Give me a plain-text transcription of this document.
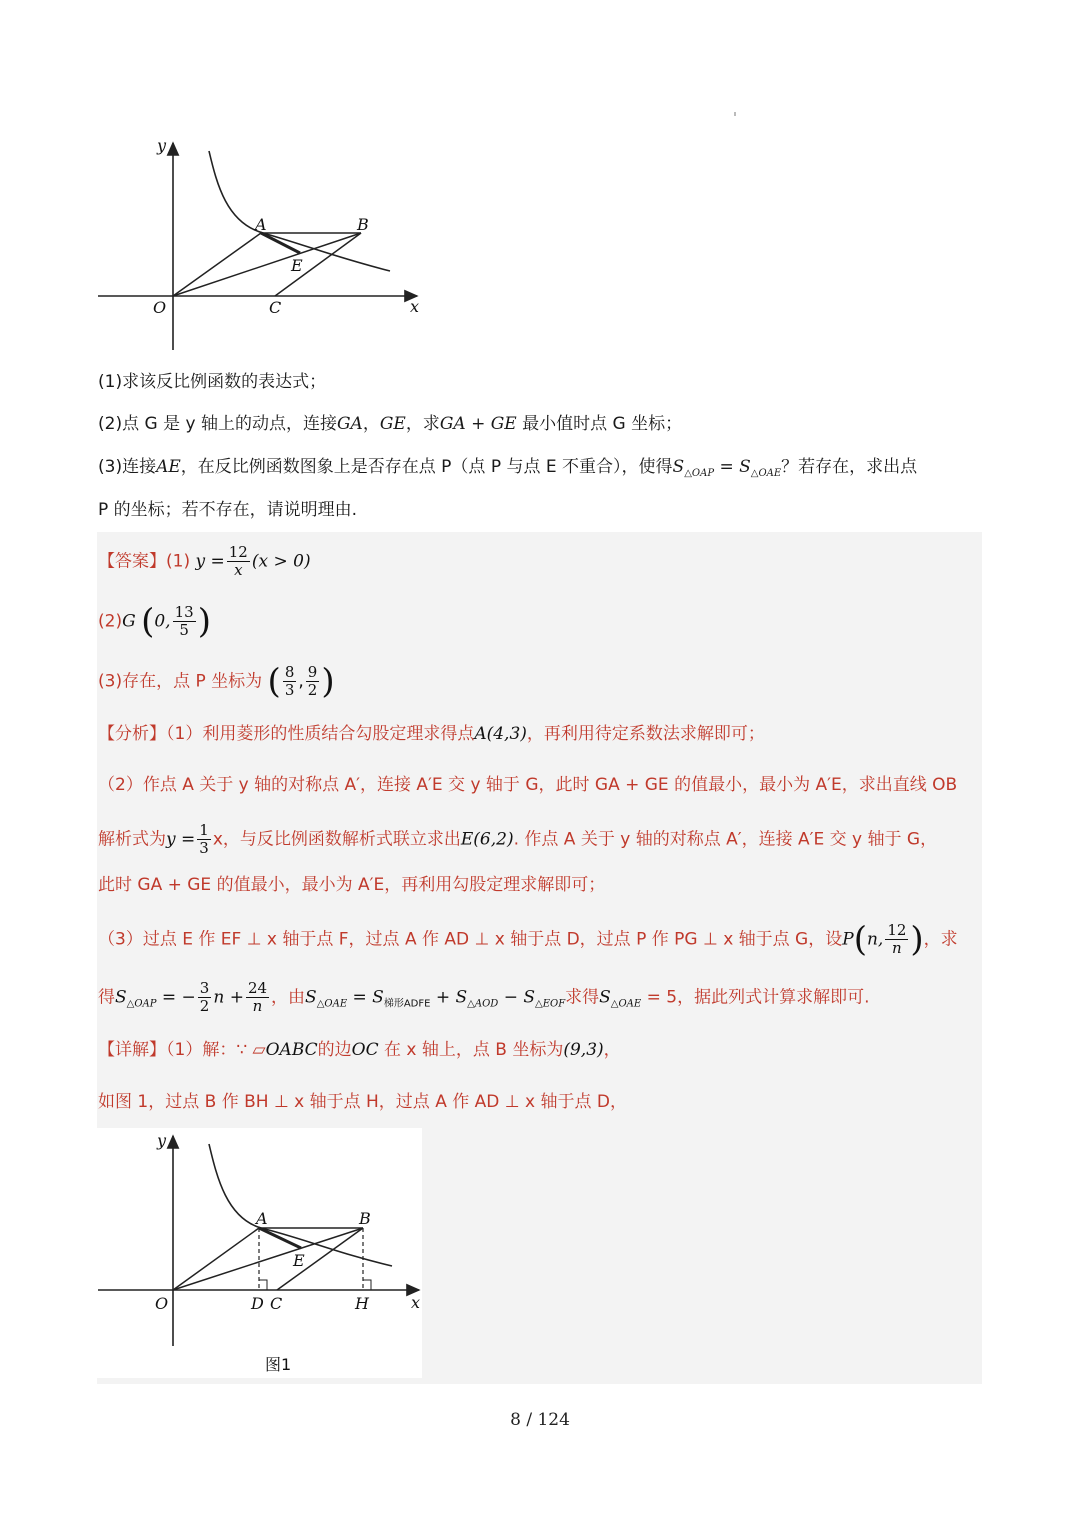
y
x
O
A	B
C
E
(1)求该反比例函数的表达式；
(2)点 G 是 y 轴上的动点，连接GA，GE，求GA + GE 最小值时点 G 坐标；
(3)连接AE，在反比例函数图象上是否存在点 P（点 P 与点 E 不重合），使得$S_{\triangle OAP} = S_{\triangle OAE}$？若存在，求出点
P 的坐标；若不存在，请说明理由.
【答案】(1) $y = \frac{12}{x} (x > 0)$
(2)G (0, $\frac{13}{5}$ )
(3)存在，点 P 坐标为 ( $\frac{8}{3}$ , $\frac{9}{2}$ )
【分析】（1）利用菱形的性质结合勾股定理求得点A(4,3)，再利用待定系数法求解即可；
（2）作点 A 关于 y 轴的对称点 A′，连接 A′E 交 y 轴于 G，此时 GA + GE 的值最小，最小为 A′E，求出直线 OB
解析式为$y = \frac{1}{3}$ x，与反比例函数解析式联立求出E(6,2). 作点 A 关于 y 轴的对称点 A′，连接 A′E 交 y 轴于 G，
此时 GA + GE 的值最小，最小为 A′E，再利用勾股定理求解即可；
（3）过点 E 作 EF ⊥ x 轴于点 F，过点 A 作 AD ⊥ x 轴于点 D，过点 P 作 PG ⊥ x 轴于点 G，设P(n, $\frac{12}{n}$ )，求
得$S_{\triangle OAP}$ = − $\frac{3}{2}$ $n + \frac{24}{n}$ ，由$S_{\triangle OAE} = S_{梯形ADFE} + S_{\triangle AOD} - S_{\triangle EOF}$求得$S_{\triangle OAE} = 5$，据此列式计算求解即可.
【详解】（1）解：∵ ▱OABC的边OC 在 x 轴上，点 B 坐标为(9,3)，
如图 1，过点 B 作 BH ⊥ x 轴于点 H，过点 A 作 AD ⊥ x 轴于点 D，
y
x
O
A	B
D C
E
H
图1
8 / 124
